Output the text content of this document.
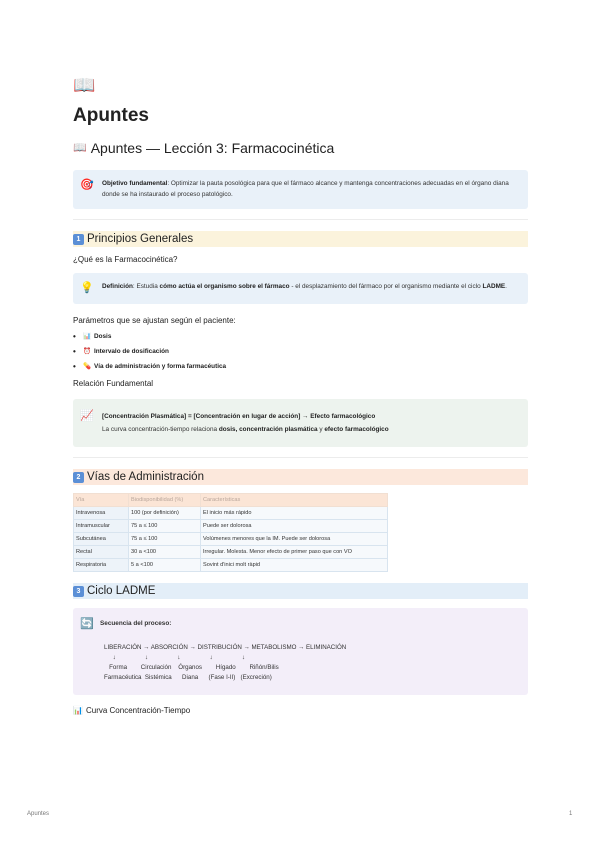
📖
Apuntes
📖 Apuntes — Lección 3: Farmacocinética
🎯 Objetivo fundamental: Optimizar la pauta posológica para que el fármaco alcance y mantenga concentraciones adecuadas en el órgano diana donde se ha instaurado el proceso patológico.
1 Principios Generales
¿Qué es la Farmacocinética?
💡 Definición: Estudia cómo actúa el organismo sobre el fármaco - el desplazamiento del fármaco por el organismo mediante el ciclo LADME.
Parámetros que se ajustan según el paciente:
•	📊 Dosis
•	⏰ Intervalo de dosificación
•	💊 Vía de administración y forma farmacéutica
Relación Fundamental
📈 [Concentración Plasmática] = [Concentración en lugar de acción] → Efecto farmacológico
La curva concentración-tiempo relaciona dosis, concentración plasmática y efecto farmacológico
2 Vías de Administración
Vía	Biodisponibilidad (%)	Características
Intravenosa	100 (por definición)	El inicio más rápido
Intramuscular	75 a ≤ 100	Puede ser dolorosa
Subcutánea	75 a ≤ 100	Volúmenes menores que la IM. Puede ser dolorosa
Rectal	30 a <100	Irregular. Molesta. Menor efecto de primer paso que con VO
Respiratoria	5 a <100	Sovint d'inici molt ràpid
3 Ciclo LADME
🔄 Secuencia del proceso:
LIBERACIÓN → ABSORCIÓN → DISTRIBUCIÓN → METABOLISMO → ELIMINACIÓN
↓                 ↓                 ↓                 ↓                 ↓
Forma        Circulación    Órganos        Hígado        Riñón/Bilis
Farmacéutica  Sistémica      Diana      (Fase I-II)   (Excreción)
📊 Curva Concentración-Tiempo
Apuntes	1
